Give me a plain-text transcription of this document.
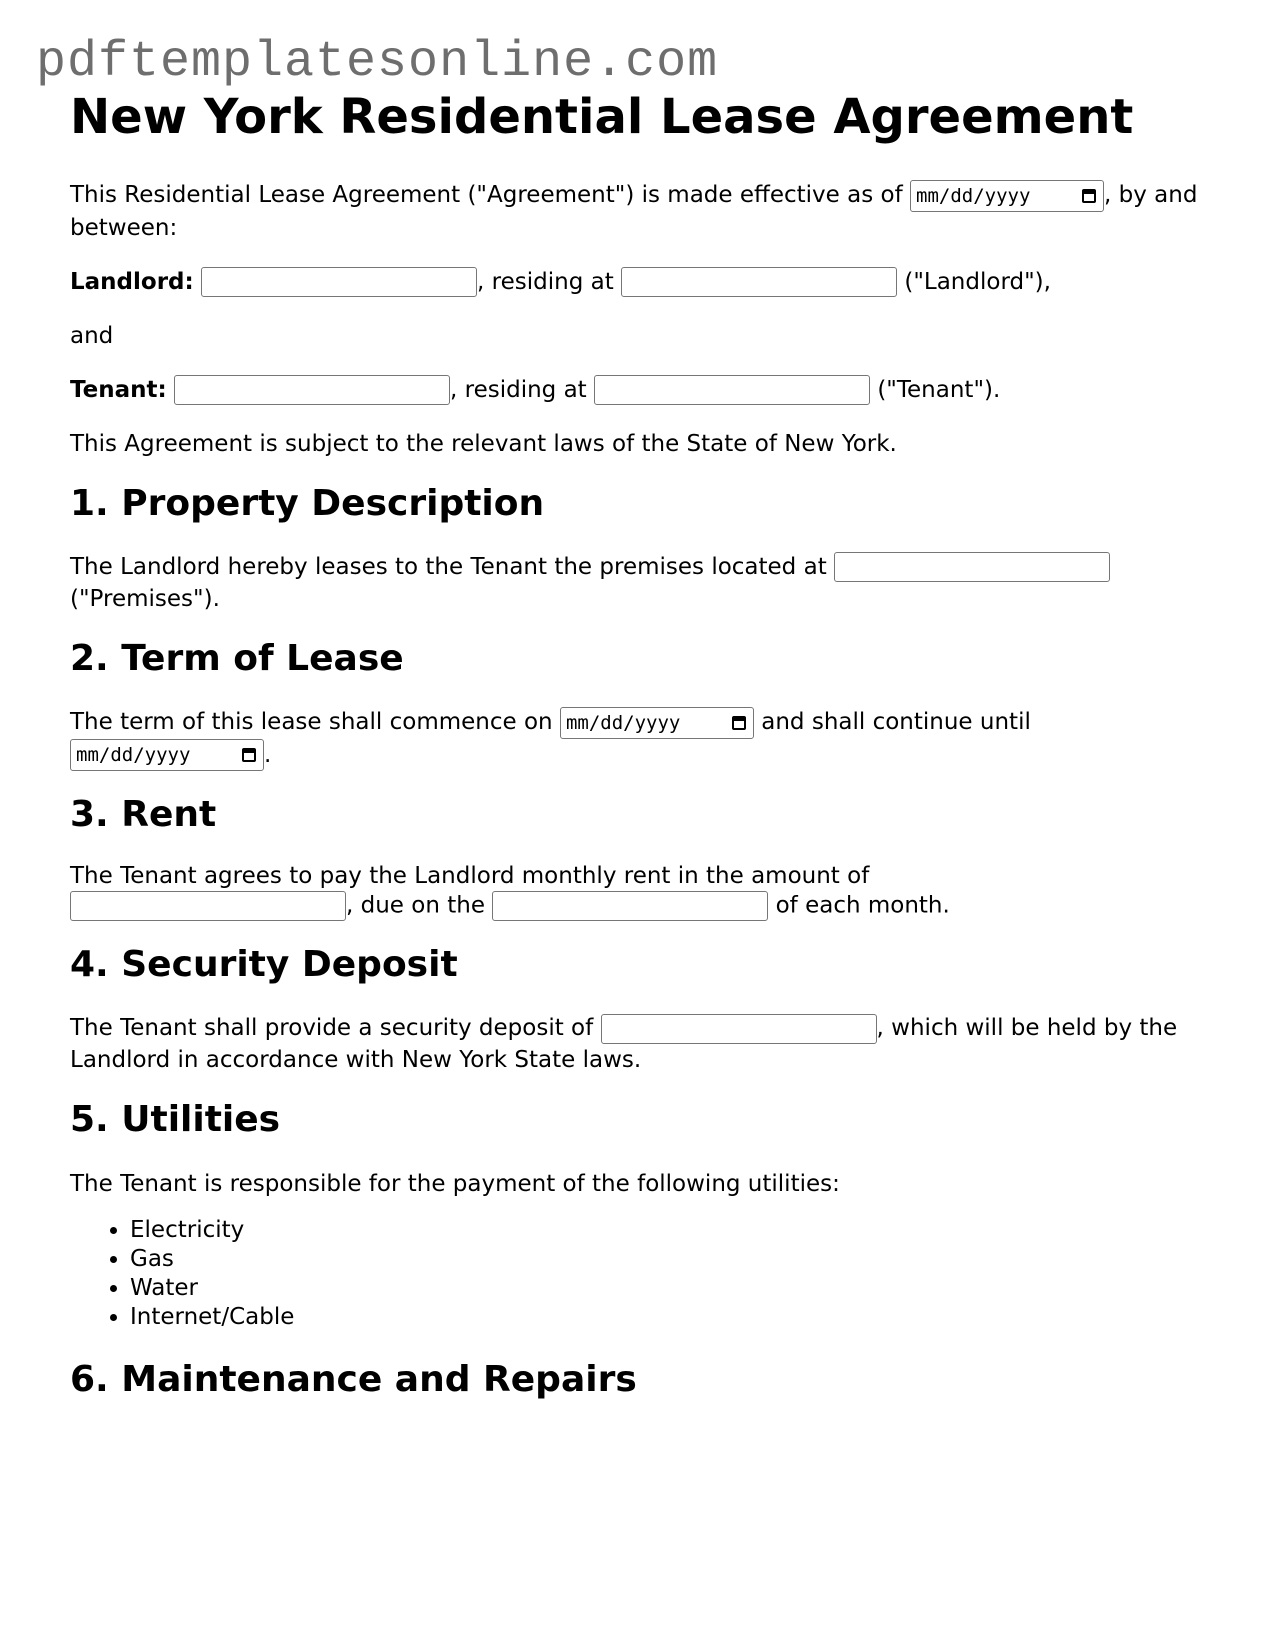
pdftemplatesonline.com
New York Residential Lease Agreement

This Residential Lease Agreement ("Agreement") is made effective as of mm/dd/yyyy	, by and between:

Landlord:	, residing at	("Landlord"),

and

Tenant:	, residing at	("Tenant").

This Agreement is subject to the relevant laws of the State of New York.

1. Property Description

The Landlord hereby leases to the Tenant the premises located at  ("Premises").

2. Term of Lease

The term of this lease shall commence on mm/dd/yyyy	and shall continue until
mm/dd/yyyy	.

3. Rent

The Tenant agrees to pay the Landlord monthly rent in the amount of
, due on the	of each month.

4. Security Deposit

The Tenant shall provide a security deposit of	, which will be held by the Landlord in accordance with New York State laws.

5. Utilities

The Tenant is responsible for the payment of the following utilities:

• Electricity
• Gas
• Water
• Internet/Cable
6. Maintenance and Repairs
